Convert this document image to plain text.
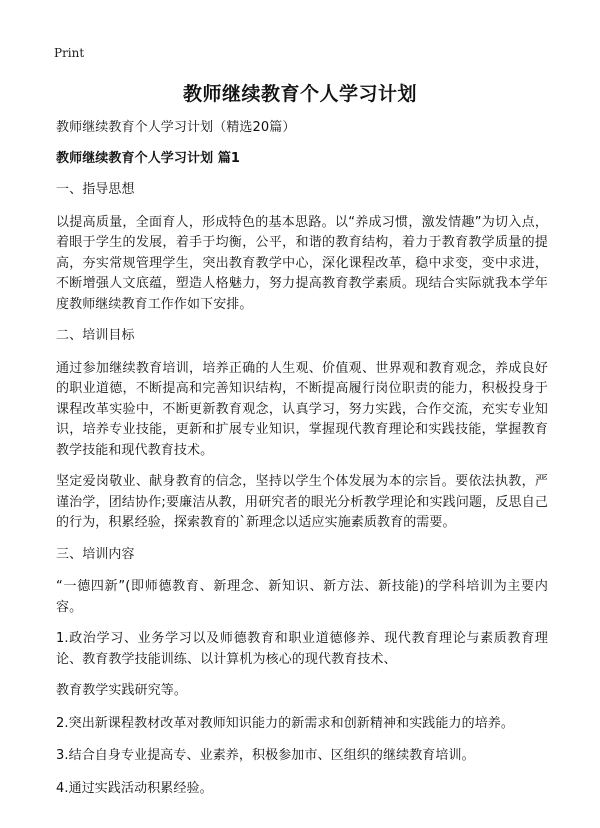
Print

教师继续教育个人学习计划

教师继续教育个人学习计划（精选20篇）

教师继续教育个人学习计划 篇1

一、指导思想

以提高质量，全面育人，形成特色的基本思路。以“养成习惯，激发情趣”为切入点，着眼于学生的发展，着手于均衡，公平，和谐的教育结构，着力于教育教学质量的提高，夯实常规管理学生，突出教育教学中心，深化课程改革，稳中求变，变中求进，不断增强人文底蕴，塑造人格魅力，努力提高教育教学素质。现结合实际就我本学年度教师继续教育工作作如下安排。

二、培训目标

通过参加继续教育培训，培养正确的人生观、价值观、世界观和教育观念，养成良好的职业道德，不断提高和完善知识结构，不断提高履行岗位职责的能力，积极投身于课程改革实验中，不断更新教育观念，认真学习，努力实践，合作交流，充实专业知识，培养专业技能，更新和扩展专业知识，掌握现代教育理论和实践技能，掌握教育教学技能和现代教育技术。

坚定爱岗敬业、献身教育的信念，坚持以学生个体发展为本的宗旨。要依法执教，严谨治学，团结协作;要廉洁从教，用研究者的眼光分析教学理论和实践问题，反思自己的行为，积累经验，探索教育的`新理念以适应实施素质教育的需要。

三、培训内容

“一德四新”(即师德教育、新理念、新知识、新方法、新技能)的学科培训为主要内容。

1.政治学习、业务学习以及师德教育和职业道德修养、现代教育理论与素质教育理论、教育教学技能训练、以计算机为核心的现代教育技术、

教育教学实践研究等。

2.突出新课程教材改革对教师知识能力的新需求和创新精神和实践能力的培养。

3.结合自身专业提高专、业素养，积极参加市、区组织的继续教育培训。

4.通过实践活动积累经验。
